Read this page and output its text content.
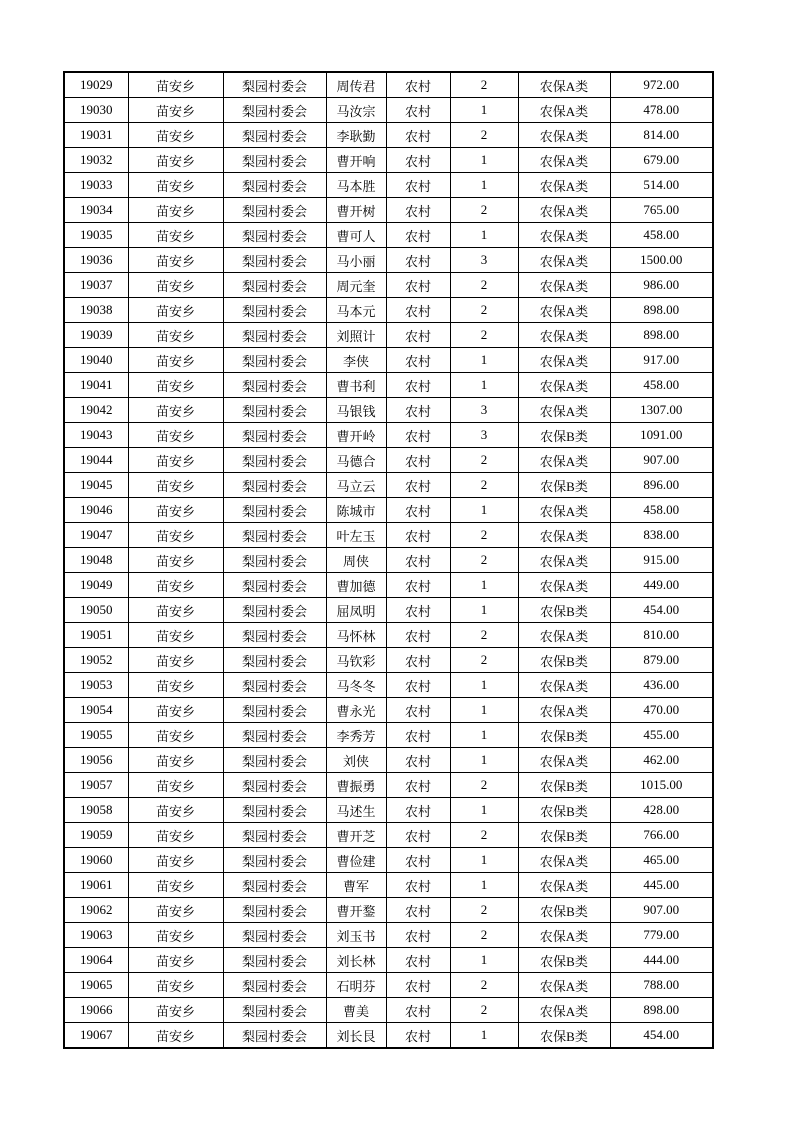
19029	苗安乡	梨园村委会	周传君	农村	2	农保A类	972.00
19030	苗安乡	梨园村委会	马汝宗	农村	1	农保A类	478.00
19031	苗安乡	梨园村委会	李耿勤	农村	2	农保A类	814.00
19032	苗安乡	梨园村委会	曹开响	农村	1	农保A类	679.00
19033	苗安乡	梨园村委会	马本胜	农村	1	农保A类	514.00
19034	苗安乡	梨园村委会	曹开树	农村	2	农保A类	765.00
19035	苗安乡	梨园村委会	曹可人	农村	1	农保A类	458.00
19036	苗安乡	梨园村委会	马小丽	农村	3	农保A类	1500.00
19037	苗安乡	梨园村委会	周元奎	农村	2	农保A类	986.00
19038	苗安乡	梨园村委会	马本元	农村	2	农保A类	898.00
19039	苗安乡	梨园村委会	刘照计	农村	2	农保A类	898.00
19040	苗安乡	梨园村委会	李侠	农村	1	农保A类	917.00
19041	苗安乡	梨园村委会	曹书利	农村	1	农保A类	458.00
19042	苗安乡	梨园村委会	马银钱	农村	3	农保A类	1307.00
19043	苗安乡	梨园村委会	曹开岭	农村	3	农保B类	1091.00
19044	苗安乡	梨园村委会	马德合	农村	2	农保A类	907.00
19045	苗安乡	梨园村委会	马立云	农村	2	农保B类	896.00
19046	苗安乡	梨园村委会	陈城市	农村	1	农保A类	458.00
19047	苗安乡	梨园村委会	叶左玉	农村	2	农保A类	838.00
19048	苗安乡	梨园村委会	周侠	农村	2	农保A类	915.00
19049	苗安乡	梨园村委会	曹加德	农村	1	农保A类	449.00
19050	苗安乡	梨园村委会	屈凤明	农村	1	农保B类	454.00
19051	苗安乡	梨园村委会	马怀林	农村	2	农保A类	810.00
19052	苗安乡	梨园村委会	马钦彩	农村	2	农保B类	879.00
19053	苗安乡	梨园村委会	马冬冬	农村	1	农保A类	436.00
19054	苗安乡	梨园村委会	曹永光	农村	1	农保A类	470.00
19055	苗安乡	梨园村委会	李秀芳	农村	1	农保B类	455.00
19056	苗安乡	梨园村委会	刘侠	农村	1	农保A类	462.00
19057	苗安乡	梨园村委会	曹振勇	农村	2	农保B类	1015.00
19058	苗安乡	梨园村委会	马述生	农村	1	农保B类	428.00
19059	苗安乡	梨园村委会	曹开芝	农村	2	农保B类	766.00
19060	苗安乡	梨园村委会	曹俭建	农村	1	农保A类	465.00
19061	苗安乡	梨园村委会	曹军	农村	1	农保A类	445.00
19062	苗安乡	梨园村委会	曹开鍪	农村	2	农保B类	907.00
19063	苗安乡	梨园村委会	刘玉书	农村	2	农保A类	779.00
19064	苗安乡	梨园村委会	刘长林	农村	1	农保B类	444.00
19065	苗安乡	梨园村委会	石明芬	农村	2	农保A类	788.00
19066	苗安乡	梨园村委会	曹美	农村	2	农保A类	898.00
19067	苗安乡	梨园村委会	刘长艮	农村	1	农保B类	454.00
